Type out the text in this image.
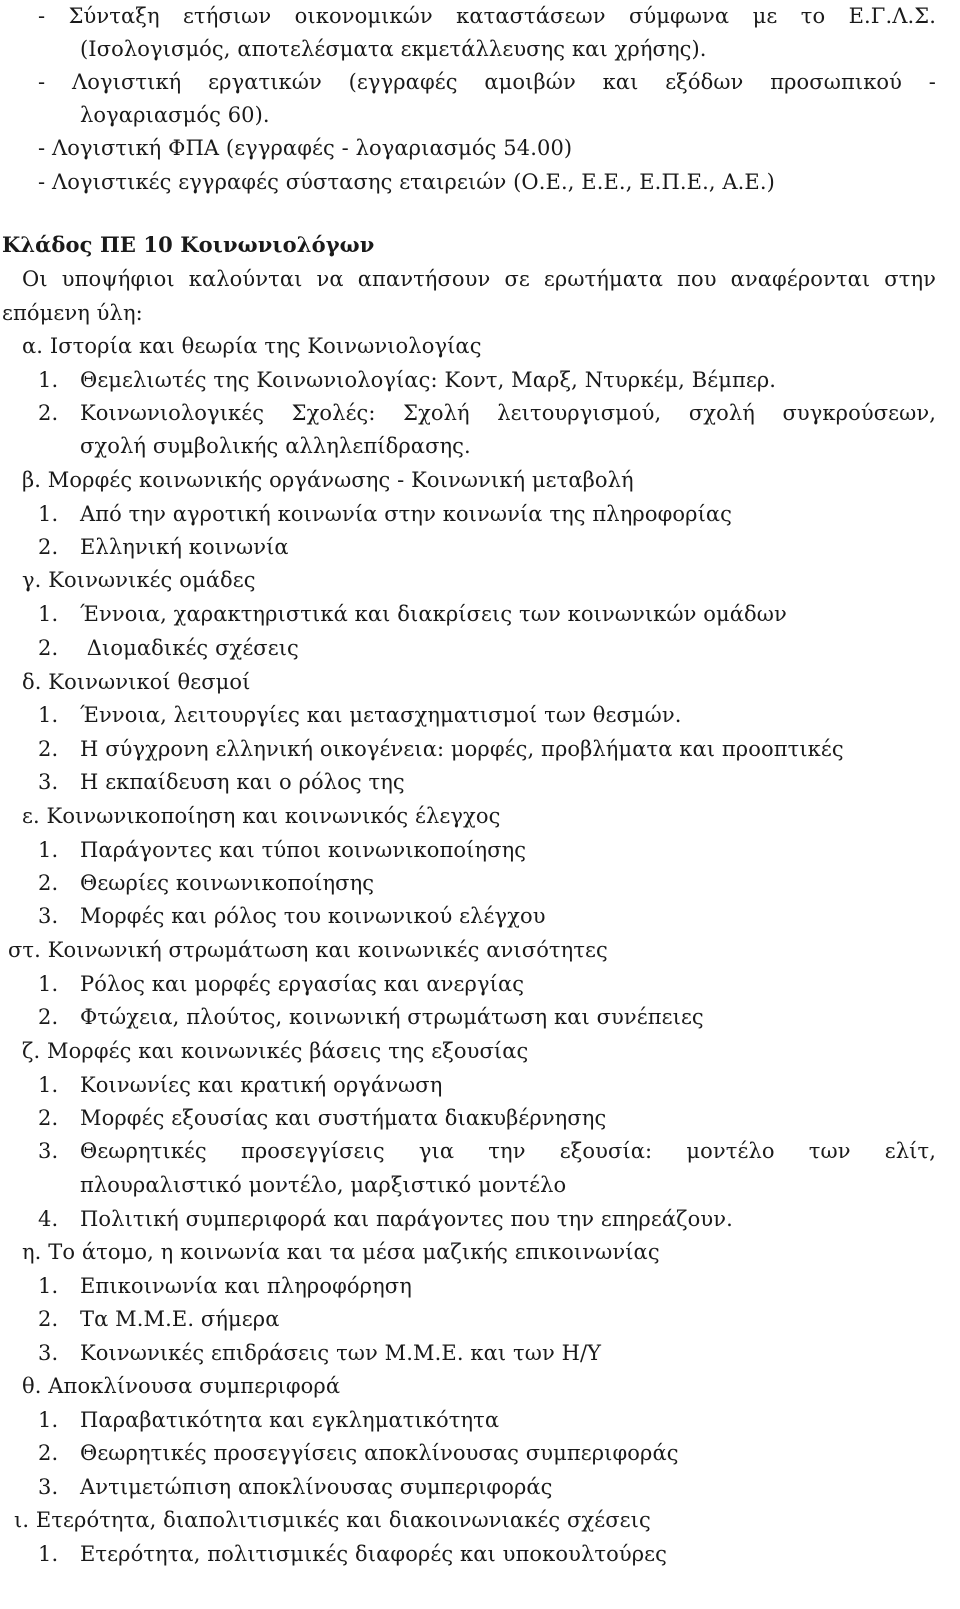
- Σύνταξη ετήσιων οικονομικών καταστάσεων σύμφωνα με το Ε.Γ.Λ.Σ.
(Ισολογισμός, αποτελέσματα εκμετάλλευσης και χρήσης).
- Λογιστική εργατικών (εγγραφές αμοιβών και εξόδων προσωπικού -
λογαριασμός 60).
- Λογιστική ΦΠΑ (εγγραφές - λογαριασμός 54.00)
- Λογιστικές εγγραφές σύστασης εταιρειών (Ο.Ε., Ε.Ε., Ε.Π.Ε., Α.Ε.)
Κλάδος ΠΕ 10 Κοινωνιολόγων
Οι υποψήφιοι καλούνται να απαντήσουν σε ερωτήματα που αναφέρονται στην
επόμενη ύλη:
α. Ιστορία και θεωρία της Κοινωνιολογίας
1. Θεμελιωτές της Κοινωνιολογίας: Κοντ, Μαρξ, Ντυρκέμ, Βέμπερ.
2. Κοινωνιολογικές Σχολές: Σχολή λειτουργισμού, σχολή συγκρούσεων,
σχολή συμβολικής αλληλεπίδρασης.
β. Μορφές κοινωνικής οργάνωσης - Κοινωνική μεταβολή
1. Από την αγροτική κοινωνία στην κοινωνία της πληροφορίας
2. Ελληνική κοινωνία
γ. Κοινωνικές ομάδες
1. Έννοια, χαρακτηριστικά και διακρίσεις των κοινωνικών ομάδων
2. Διομαδικές σχέσεις
δ. Κοινωνικοί θεσμοί
1. Έννοια, λειτουργίες και μετασχηματισμοί των θεσμών.
2. Η σύγχρονη ελληνική οικογένεια: μορφές, προβλήματα και προοπτικές
3. Η εκπαίδευση και ο ρόλος της
ε. Κοινωνικοποίηση και κοινωνικός έλεγχος
1. Παράγοντες και τύποι κοινωνικοποίησης
2. Θεωρίες κοινωνικοποίησης
3. Μορφές και ρόλος του κοινωνικού ελέγχου
στ. Κοινωνική στρωμάτωση και κοινωνικές ανισότητες
1. Ρόλος και μορφές εργασίας και ανεργίας
2. Φτώχεια, πλούτος, κοινωνική στρωμάτωση και συνέπειες
ζ. Μορφές και κοινωνικές βάσεις της εξουσίας
1. Κοινωνίες και κρατική οργάνωση
2. Μορφές εξουσίας και συστήματα διακυβέρνησης
3. Θεωρητικές προσεγγίσεις για την εξουσία: μοντέλο των ελίτ,
πλουραλιστικό μοντέλο, μαρξιστικό μοντέλο
4. Πολιτική συμπεριφορά και παράγοντες που την επηρεάζουν.
η. Το άτομο, η κοινωνία και τα μέσα μαζικής επικοινωνίας
1. Επικοινωνία και πληροφόρηση
2. Τα Μ.Μ.Ε. σήμερα
3. Κοινωνικές επιδράσεις των Μ.Μ.Ε. και των Η/Υ
θ. Αποκλίνουσα συμπεριφορά
1. Παραβατικότητα και εγκληματικότητα
2. Θεωρητικές προσεγγίσεις αποκλίνουσας συμπεριφοράς
3. Αντιμετώπιση αποκλίνουσας συμπεριφοράς
ι. Ετερότητα, διαπολιτισμικές και διακοινωνιακές σχέσεις
1. Ετερότητα, πολιτισμικές διαφορές και υποκουλτούρες
